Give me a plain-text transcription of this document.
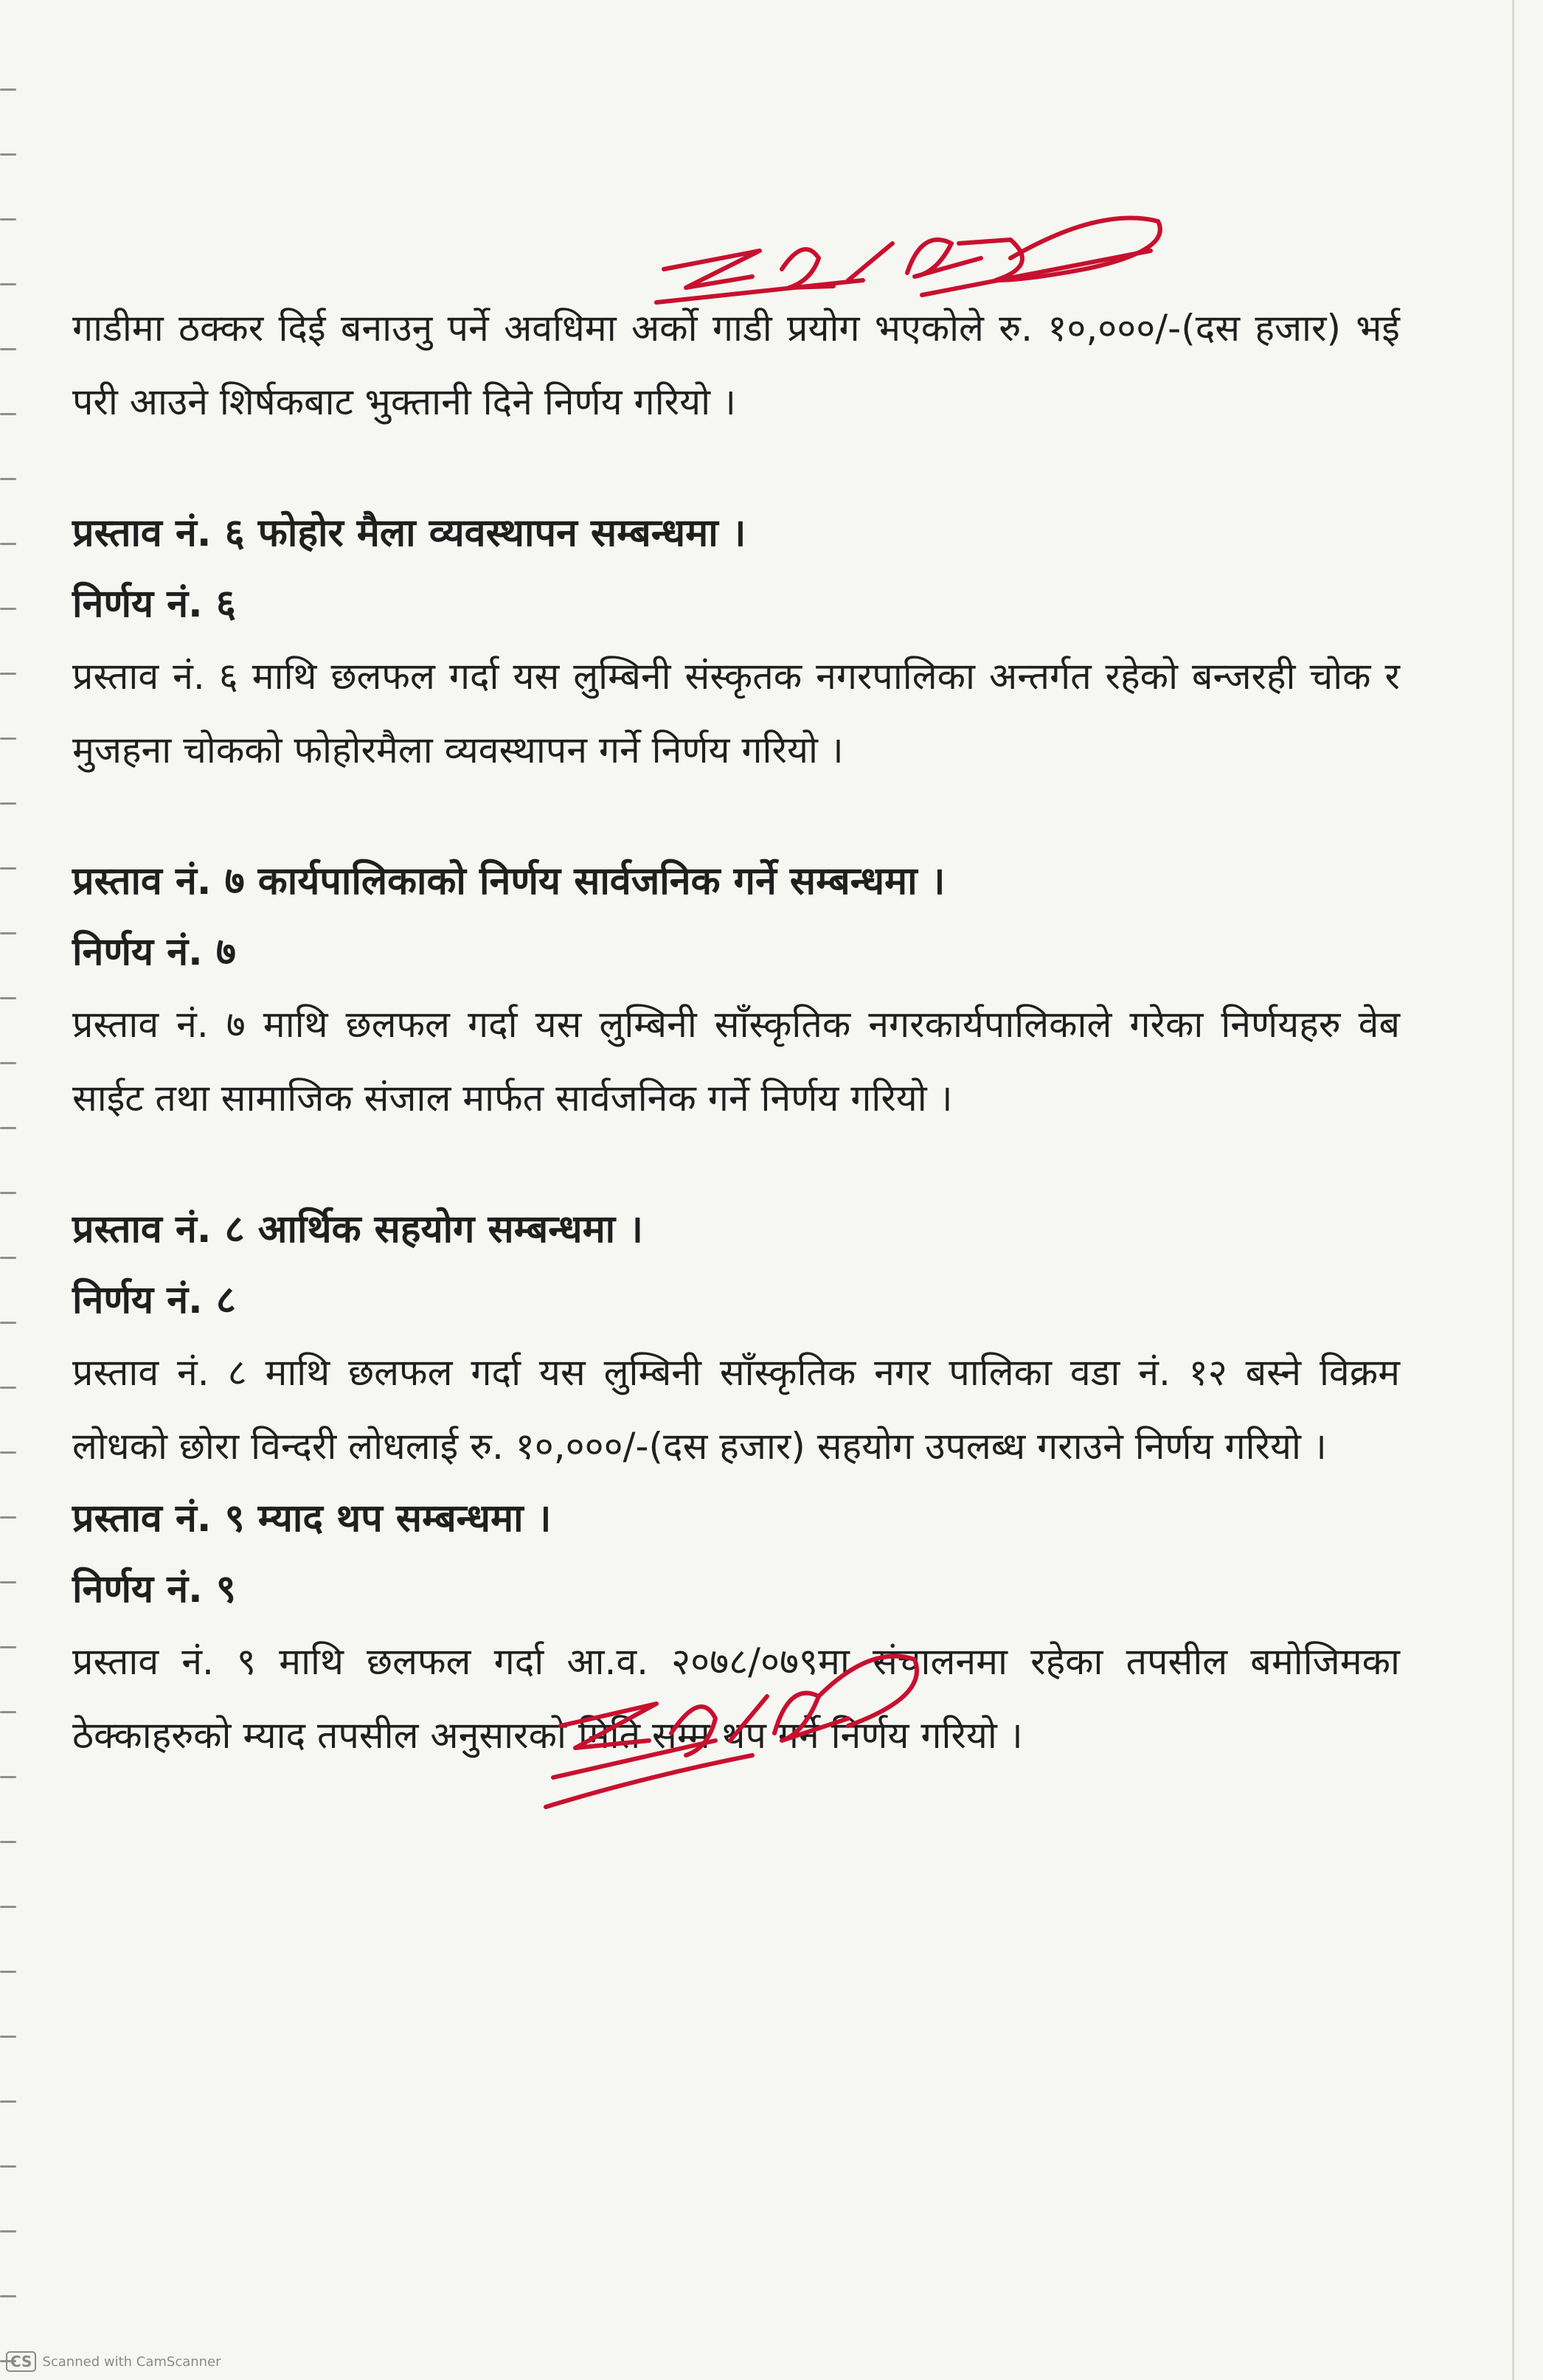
गाडीमा ठक्कर दिई बनाउनु पर्ने अवधिमा अर्को गाडी प्रयोग भएकोले रु. १०,०००/-(दस हजार) भई परी आउने शिर्षकबाट भुक्तानी दिने निर्णय गरियो ।

प्रस्ताव नं. ६ फोहोर मैला व्यवस्थापन सम्बन्धमा ।

निर्णय नं. ६

प्रस्ताव नं. ६ माथि छलफल गर्दा यस लुम्बिनी संस्कृतक नगरपालिका अन्तर्गत रहेको बन्जरही चोक र मुजहना चोकको फोहोरमैला व्यवस्थापन गर्ने निर्णय गरियो ।

प्रस्ताव नं. ७ कार्यपालिकाको निर्णय सार्वजनिक गर्ने सम्बन्धमा ।

निर्णय नं. ७

प्रस्ताव नं. ७ माथि छलफल गर्दा यस लुम्बिनी साँस्कृतिक नगरकार्यपालिकाले गरेका निर्णयहरु वेब साईट तथा सामाजिक संजाल मार्फत सार्वजनिक गर्ने निर्णय गरियो ।

प्रस्ताव नं. ८ आर्थिक सहयोग सम्बन्धमा ।

निर्णय नं. ८

प्रस्ताव नं. ८ माथि छलफल गर्दा यस लुम्बिनी साँस्कृतिक नगर पालिका वडा नं. १२ बस्ने विक्रम लोधको छोरा विन्दरी लोधलाई रु. १०,०००/-(दस हजार) सहयोग उपलब्ध गराउने निर्णय गरियो ।

प्रस्ताव नं. ९ म्याद थप सम्बन्धमा ।

निर्णय नं. ९

प्रस्ताव नं. ९ माथि छलफल गर्दा आ.व. २०७८/०७९मा संचालनमा रहेका तपसील बमोजिमका ठेक्काहरुको म्याद तपसील अनुसारको मिति सम्म थप गर्ने निर्णय गरियो ।

CS Scanned with CamScanner
